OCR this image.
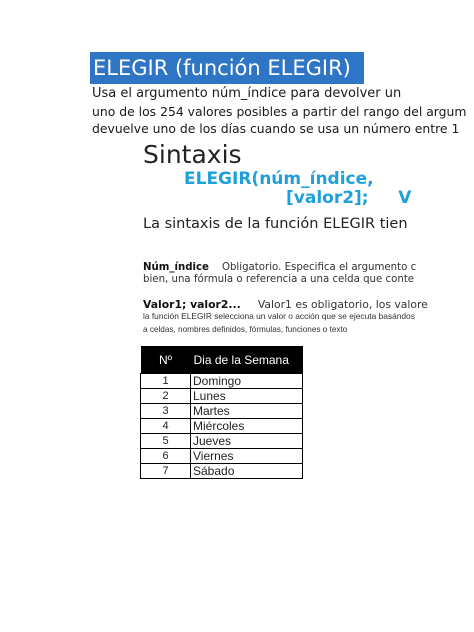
ELEGIR (función ELEGIR)
Usa el argumento núm_índice para devolver un
uno de los 254 valores posibles a partir del rango del argum
devuelve uno de los días cuando se usa un número entre 1
Sintaxis
ELEGIR(núm_índice,
[valor2]; V
La sintaxis de la función ELEGIR tien
Núm_índice Obligatorio. Especifica el argumento c
bien, una fórmula o referencia a una celda que conte
Valor1; valor2... Valor1 es obligatorio, los valore
la función ELEGIR selecciona un valor o acción que se ejecuta basándos
a celdas, nombres definidos, fórmulas, funciones o texto
Nº	Dia de la Semana
1	Domingo
2	Lunes
3	Martes
4	Miércoles
5	Jueves
6	Viernes
7	Sábado
